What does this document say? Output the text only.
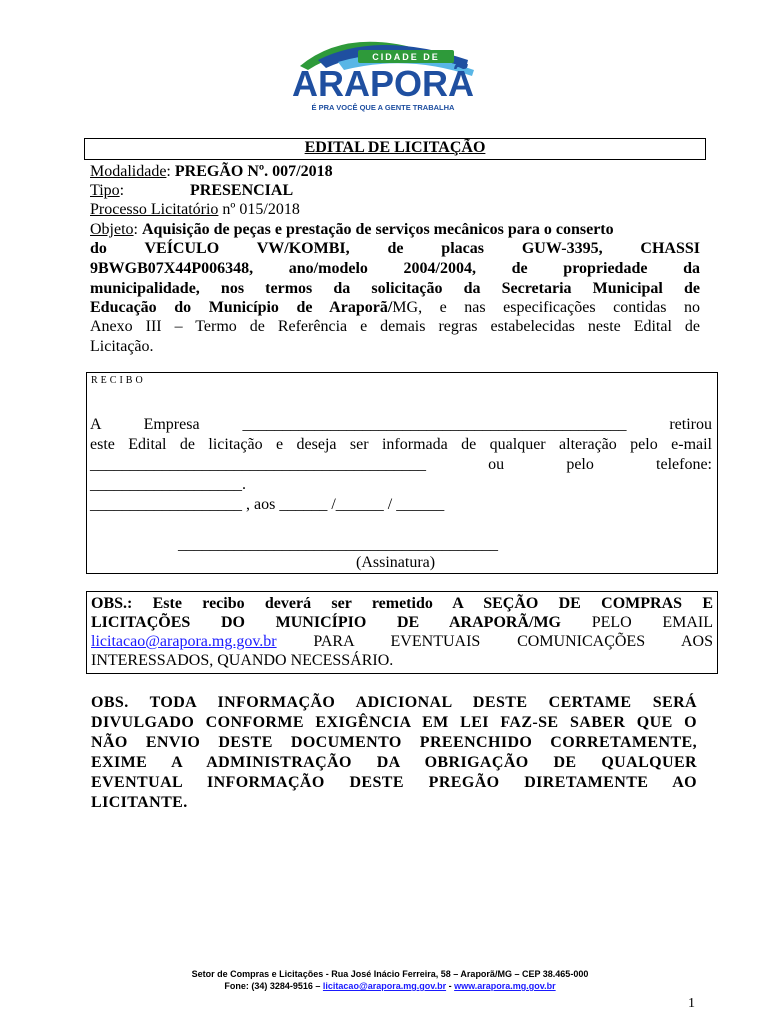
CIDADE DE
ARAPORÃ
É PRA VOCÊ QUE A GENTE TRABALHA
EDITAL DE LICITAÇÃO
Modalidade: PREGÃO Nº. 007/2018
Tipo:	PRESENCIAL
Processo Licitatório nº 015/2018
Objeto: Aquisição de peças e prestação de serviços mecânicos para o conserto
do VEÍCULO VW/KOMBI, de placas GUW-3395, CHASSI
9BWGB07X44P006348, ano/modelo 2004/2004, de propriedade da
municipalidade, nos termos da solicitação da Secretaria Municipal de
Educação do Município de Araporã/MG, e nas especificações contidas no
Anexo III – Termo de Referência e demais regras estabelecidas neste Edital de
Licitação.
RECIBO
A Empresa ________________________________________________ retirou
este Edital de licitação e deseja ser informada de qualquer alteração pelo e-mail
__________________________________________ ou pelo telefone:
___________________.
___________________ , aos ______ /______ / ______
________________________________________
(Assinatura)
OBS.: Este recibo deverá ser remetido A SEÇÃO DE COMPRAS E
LICITAÇÕES DO MUNICÍPIO DE ARAPORÃ/MG PELO EMAIL
licitacao@arapora.mg.gov.br PARA EVENTUAIS COMUNICAÇÕES AOS
INTERESSADOS, QUANDO NECESSÁRIO.
OBS. TODA INFORMAÇÃO ADICIONAL DESTE CERTAME SERÁ
DIVULGADO CONFORME EXIGÊNCIA EM LEI FAZ-SE SABER QUE O
NÃO ENVIO DESTE DOCUMENTO PREENCHIDO CORRETAMENTE,
EXIME A ADMINISTRAÇÃO DA OBRIGAÇÃO DE QUALQUER
EVENTUAL INFORMAÇÃO DESTE PREGÃO DIRETAMENTE AO
LICITANTE.
Setor de Compras e Licitações - Rua José Inácio Ferreira, 58 – Araporã/MG – CEP 38.465-000
Fone: (34) 3284-9516 – licitacao@arapora.mg.gov.br - www.arapora.mg.gov.br
1
